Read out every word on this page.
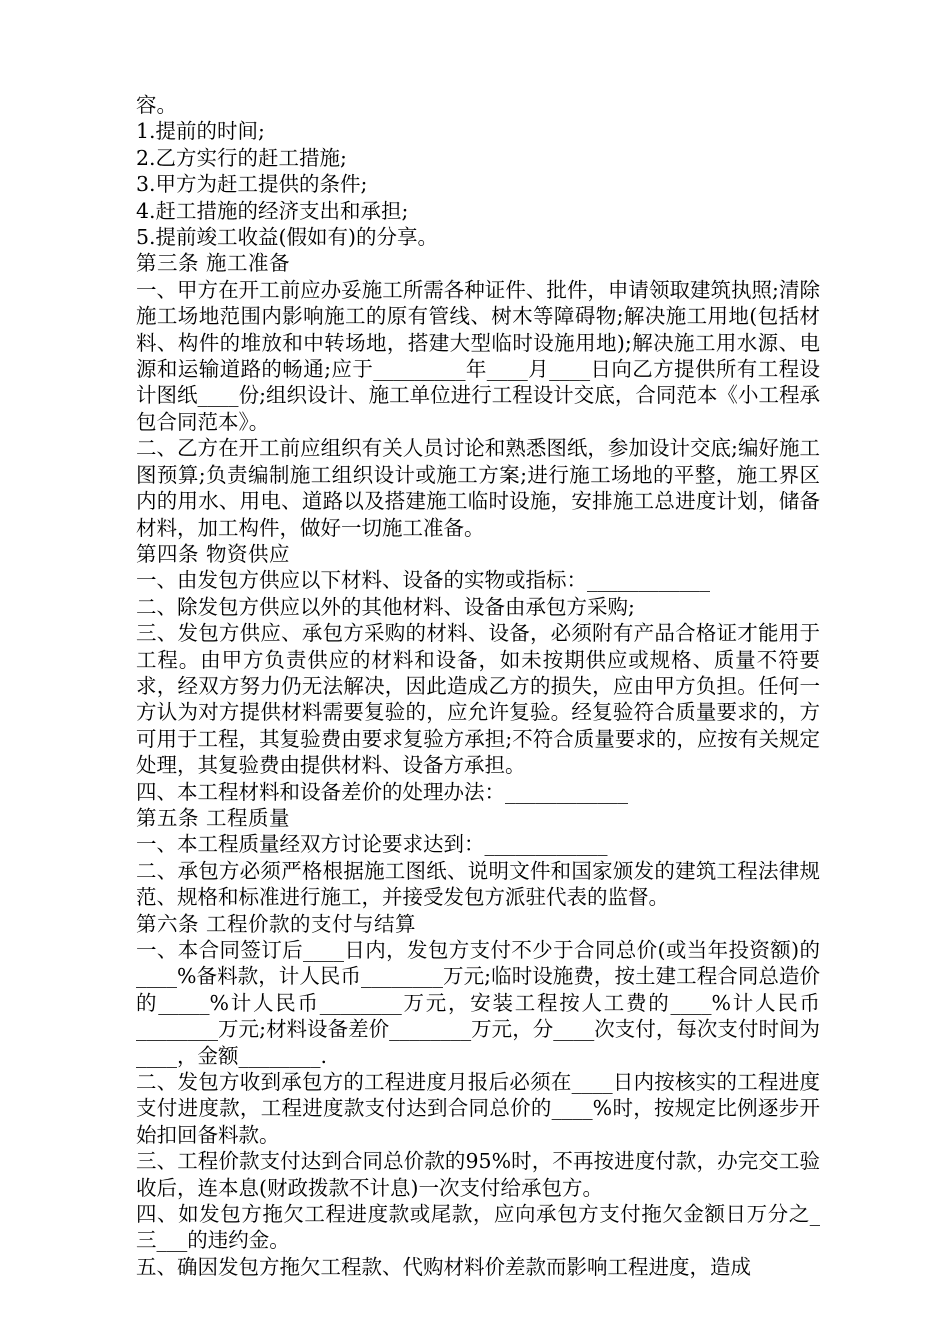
容。

1.提前的时间;

2.乙方实行的赶工措施;

3.甲方为赶工提供的条件;

4.赶工措施的经济支出和承担;

5.提前竣工收益(假如有)的分享。

第三条 施工准备

一、甲方在开工前应办妥施工所需各种证件、批件，申请领取建筑执照;清除施工场地范围内影响施工的原有管线、树木等障碍物;解决施工用地(包括材料、构件的堆放和中转场地，搭建大型临时设施用地);解决施工用水源、电源和运输道路的畅通;应于_________年____月____日向乙方提供所有工程设计图纸____份;组织设计、施工单位进行工程设计交底，合同范本《小工程承包合同范本》。

二、乙方在开工前应组织有关人员讨论和熟悉图纸，参加设计交底;编好施工图预算;负责编制施工组织设计或施工方案;进行施工场地的平整，施工界区内的用水、用电、道路以及搭建施工临时设施，安排施工总进度计划，储备材料，加工构件，做好一切施工准备。

第四条 物资供应

一、由发包方供应以下材料、设备的实物或指标：____________

二、除发包方供应以外的其他材料、设备由承包方采购;

三、发包方供应、承包方采购的材料、设备，必须附有产品合格证才能用于工程。由甲方负责供应的材料和设备，如未按期供应或规格、质量不符要求，经双方努力仍无法解决，因此造成乙方的损失，应由甲方负担。任何一方认为对方提供材料需要复验的，应允许复验。经复验符合质量要求的，方可用于工程，其复验费由要求复验方承担;不符合质量要求的，应按有关规定处理，其复验费由提供材料、设备方承担。

四、本工程材料和设备差价的处理办法：____________

第五条 工程质量

一、本工程质量经双方讨论要求达到：____________

二、承包方必须严格根据施工图纸、说明文件和国家颁发的建筑工程法律规范、规格和标准进行施工，并接受发包方派驻代表的监督。

第六条 工程价款的支付与结算

一、本合同签订后____日内，发包方支付不少于合同总价(或当年投资额)的____%备料款，计人民币________万元;临时设施费，按土建工程合同总造价的_____%计人民币________万元，安装工程按人工费的____%计人民币________万元;材料设备差价________万元，分____次支付，每次支付时间为____，金额________.

二、发包方收到承包方的工程进度月报后必须在____日内按核实的工程进度支付进度款，工程进度款支付达到合同总价的____%时，按规定比例逐步开始扣回备料款。

三、工程价款支付达到合同总价款的95%时，不再按进度付款，办完交工验收后，连本息(财政拨款不计息)一次支付给承包方。

四、如发包方拖欠工程进度款或尾款，应向承包方支付拖欠金额日万分之_三___的违约金。

五、确因发包方拖欠工程款、代购材料价差款而影响工程进度，造成
